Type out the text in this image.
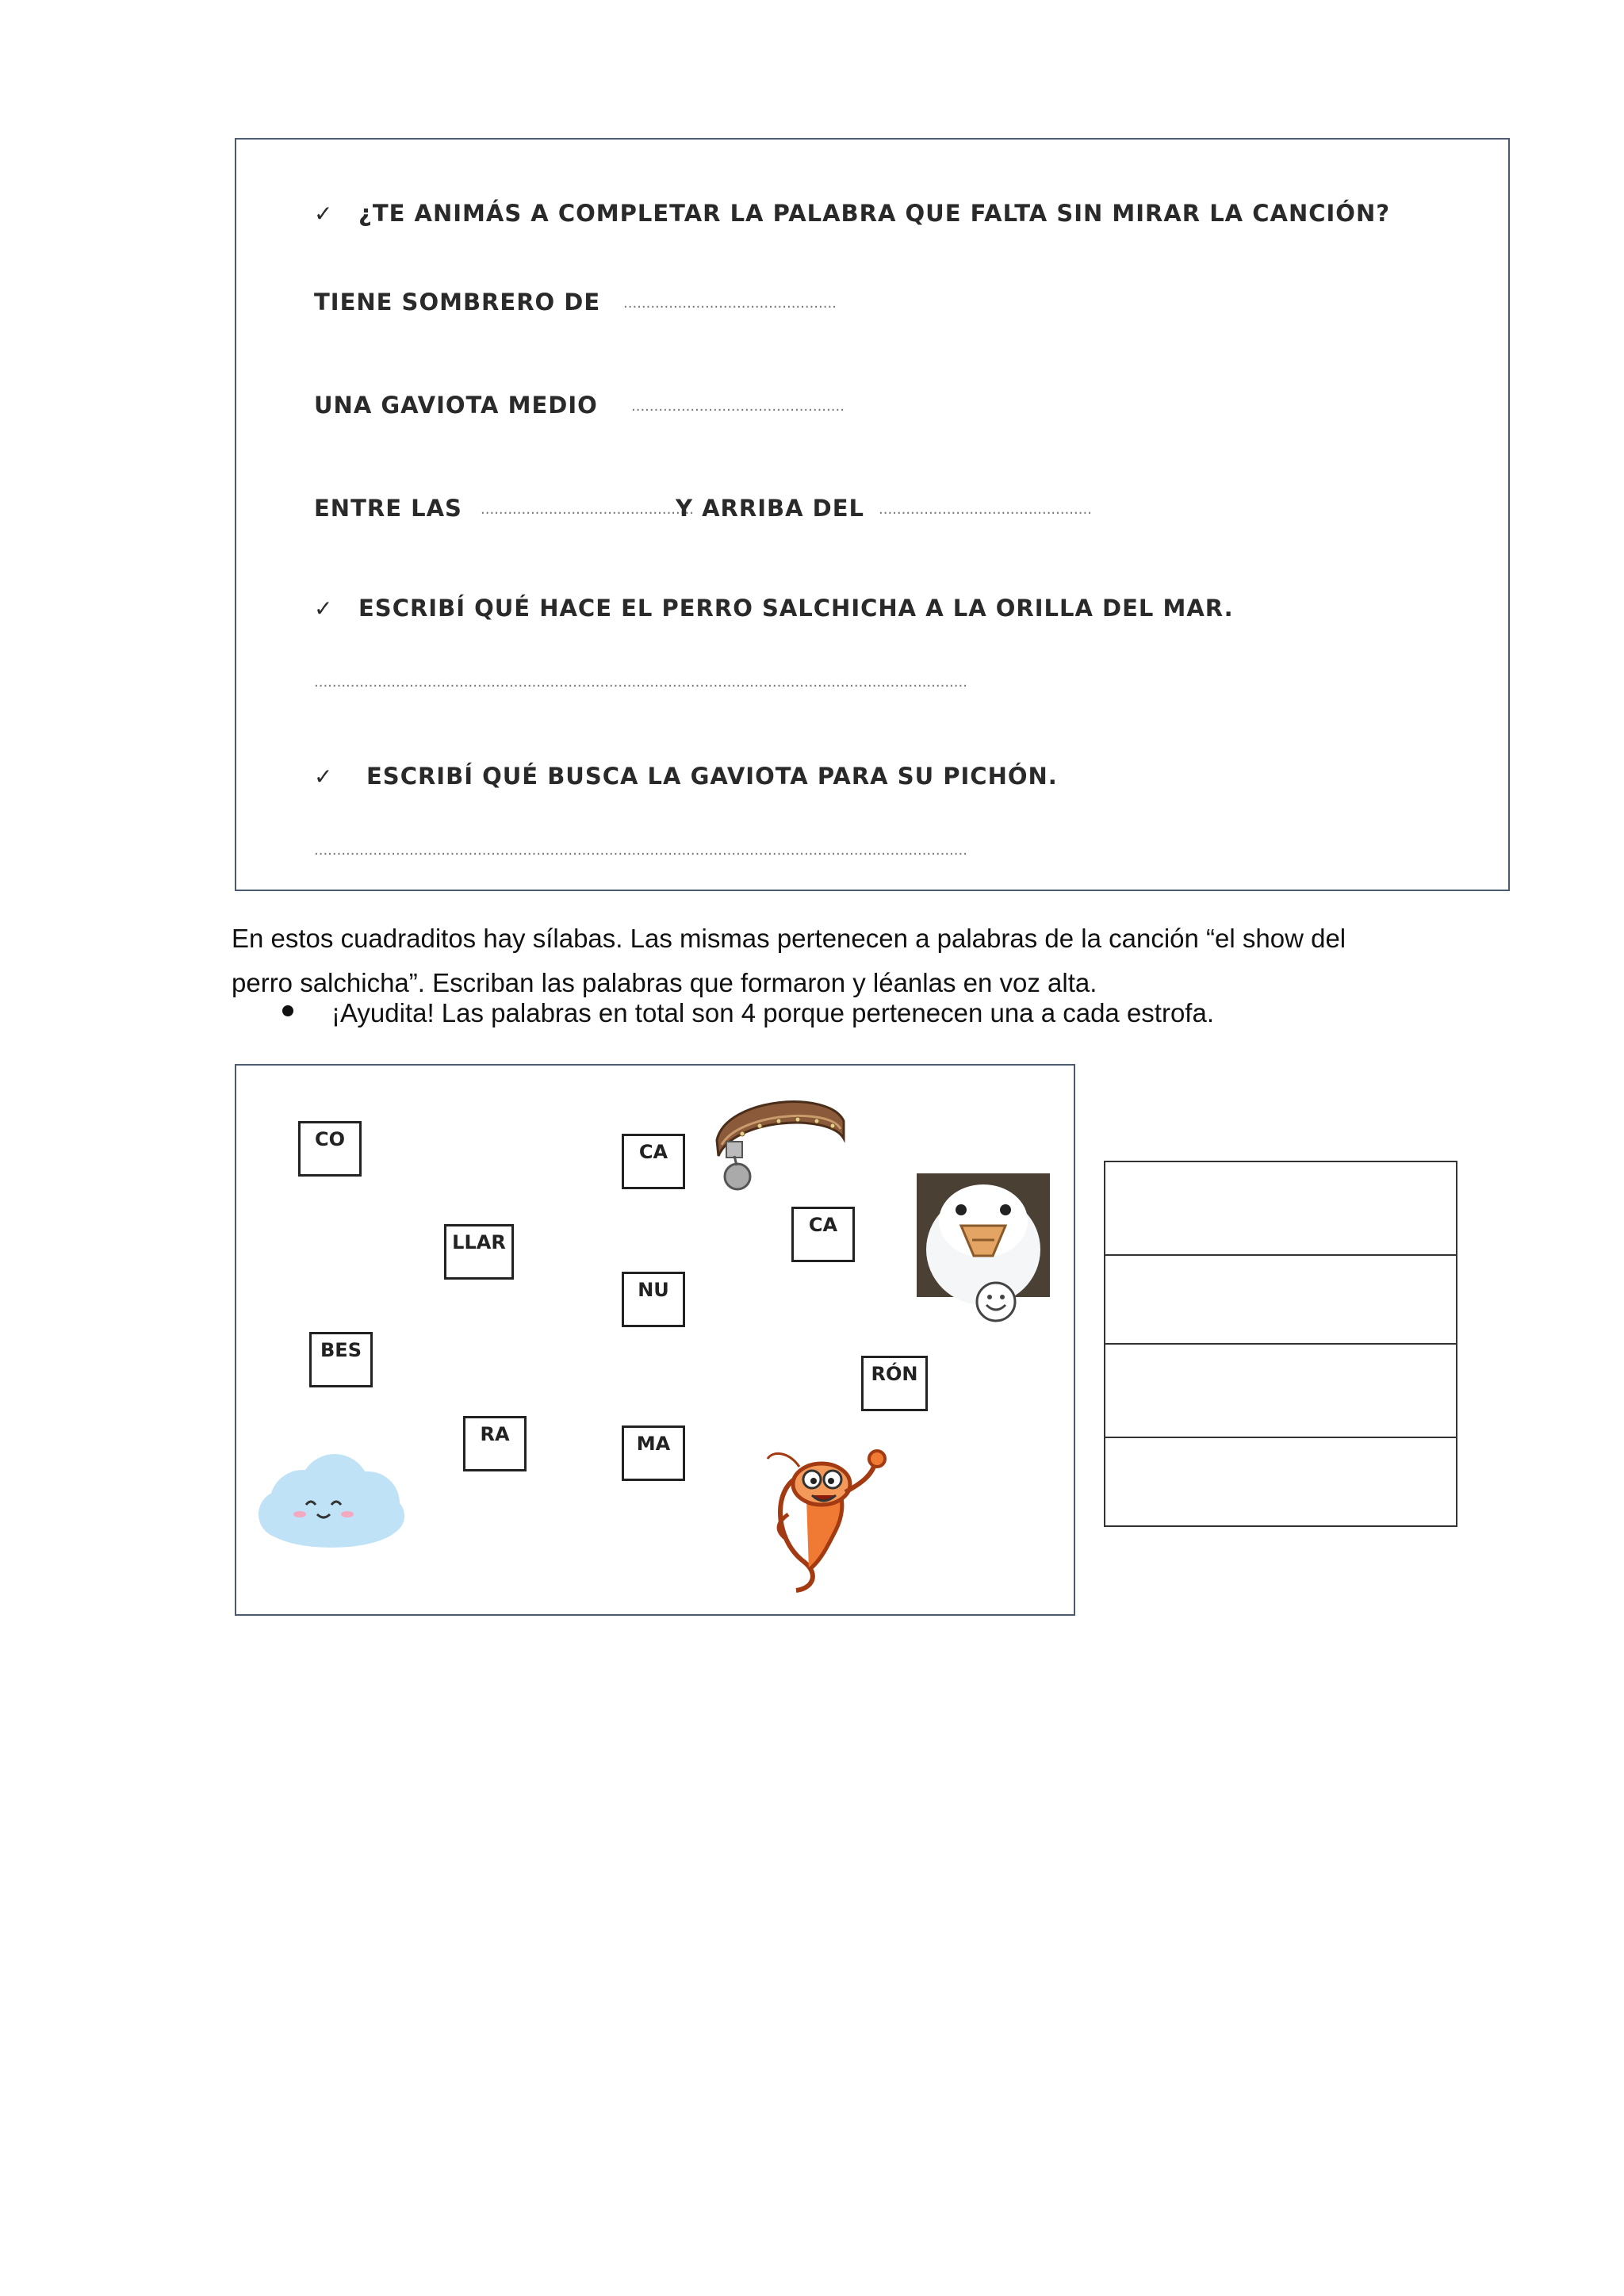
✓ ¿TE ANIMÁS A COMPLETAR LA PALABRA QUE FALTA SIN MIRAR LA CANCIÓN?
TIENE SOMBRERO DE ...............................................
UNA GAVIOTA MEDIO ...............................................
ENTRE LAS ...............................................
Y ARRIBA DEL ...............................................
✓ ESCRIBÍ QUÉ HACE EL PERRO SALCHICHA A LA ORILLA DEL MAR.
................................................................................................................................................
✓ ESCRIBÍ QUÉ BUSCA LA GAVIOTA PARA SU PICHÓN.
................................................................................................................................................
En estos cuadraditos hay sílabas. Las mismas pertenecen a palabras de la canción “el show del
perro salchicha”. Escriban las palabras que formaron y léanlas en voz alta.
¡Ayudita! Las palabras en total son 4 porque pertenecen una a cada estrofa.
CO
CA
CA
LLAR
NU
BES
RÓN
RA	MA
